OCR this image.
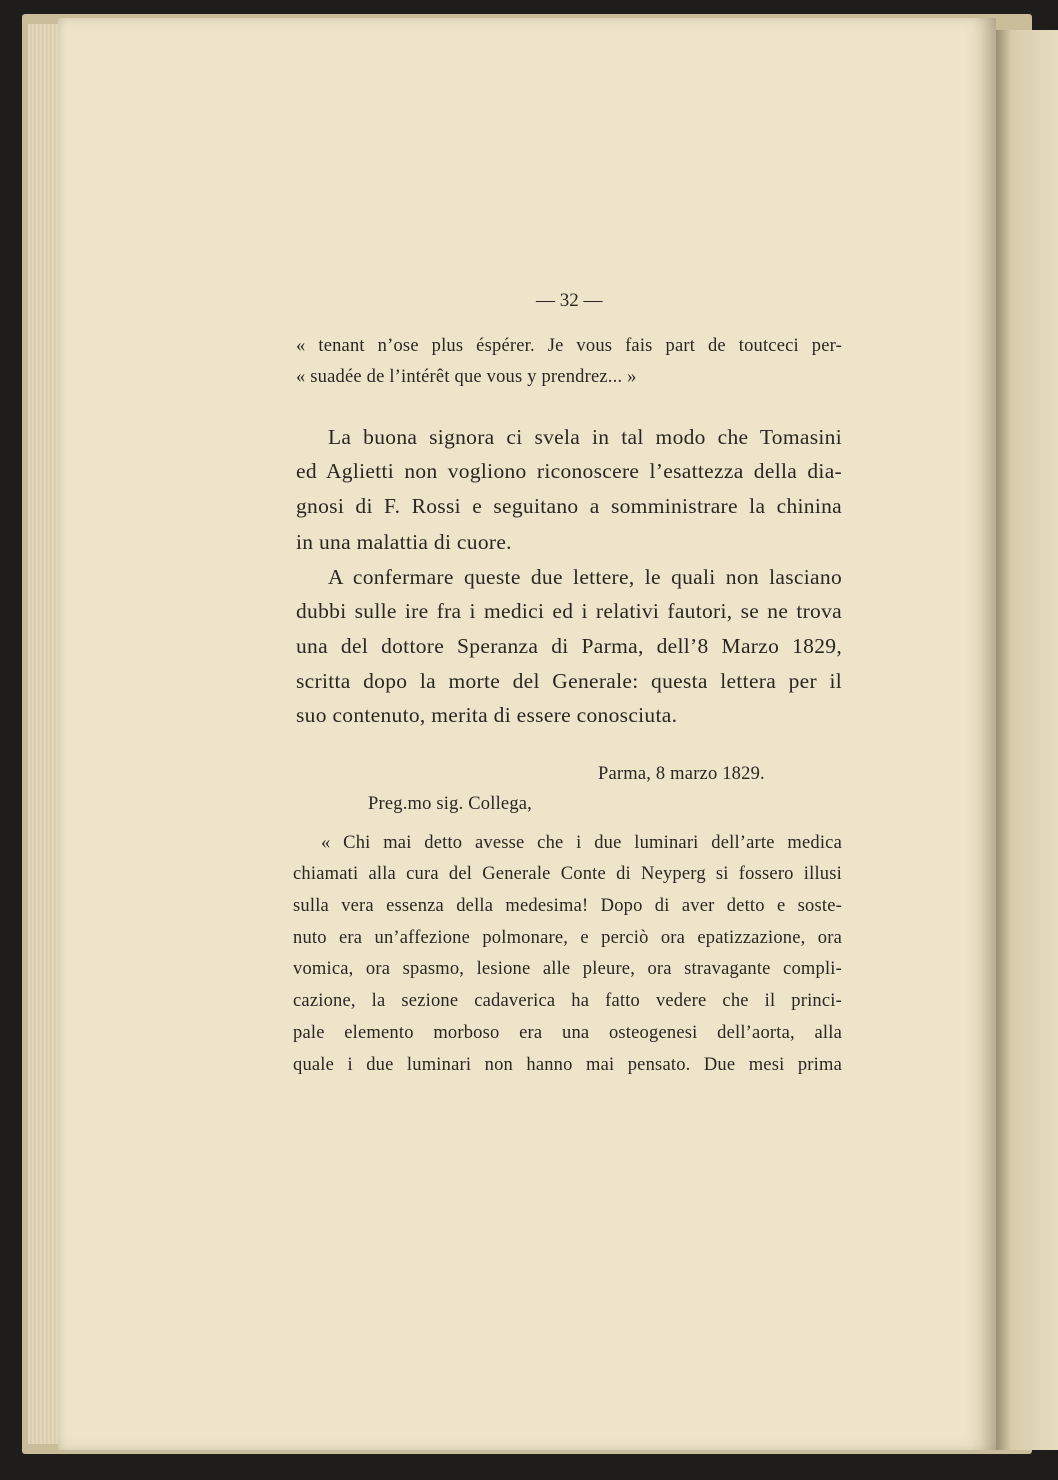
— 32 —
« tenant n’ose plus éspérer. Je vous fais part de toutceci per-
« suadée de l’intérêt que vous y prendrez... »
La buona signora ci svela in tal modo che Tomasini
ed Aglietti non vogliono riconoscere l’esattezza della dia-
gnosi di F. Rossi e seguitano a somministrare la chinina
in una malattia di cuore.
A confermare queste due lettere, le quali non lasciano
dubbi sulle ire fra i medici ed i relativi fautori, se ne trova
una del dottore Speranza di Parma, dell’8 Marzo 1829,
scritta dopo la morte del Generale: questa lettera per il
suo contenuto, merita di essere conosciuta.
Parma, 8 marzo 1829.
Preg.mo sig. Collega,
« Chi mai detto avesse che i due luminari dell’arte medica
chiamati alla cura del Generale Conte di Neyperg si fossero illusi
sulla vera essenza della medesima! Dopo di aver detto e soste-
nuto era un’affezione polmonare, e perciò ora epatizzazione, ora
vomica, ora spasmo, lesione alle pleure, ora stravagante compli-
cazione, la sezione cadaverica ha fatto vedere che il princi-
pale elemento morboso era una osteogenesi dell’aorta, alla
quale i due luminari non hanno mai pensato. Due mesi prima
